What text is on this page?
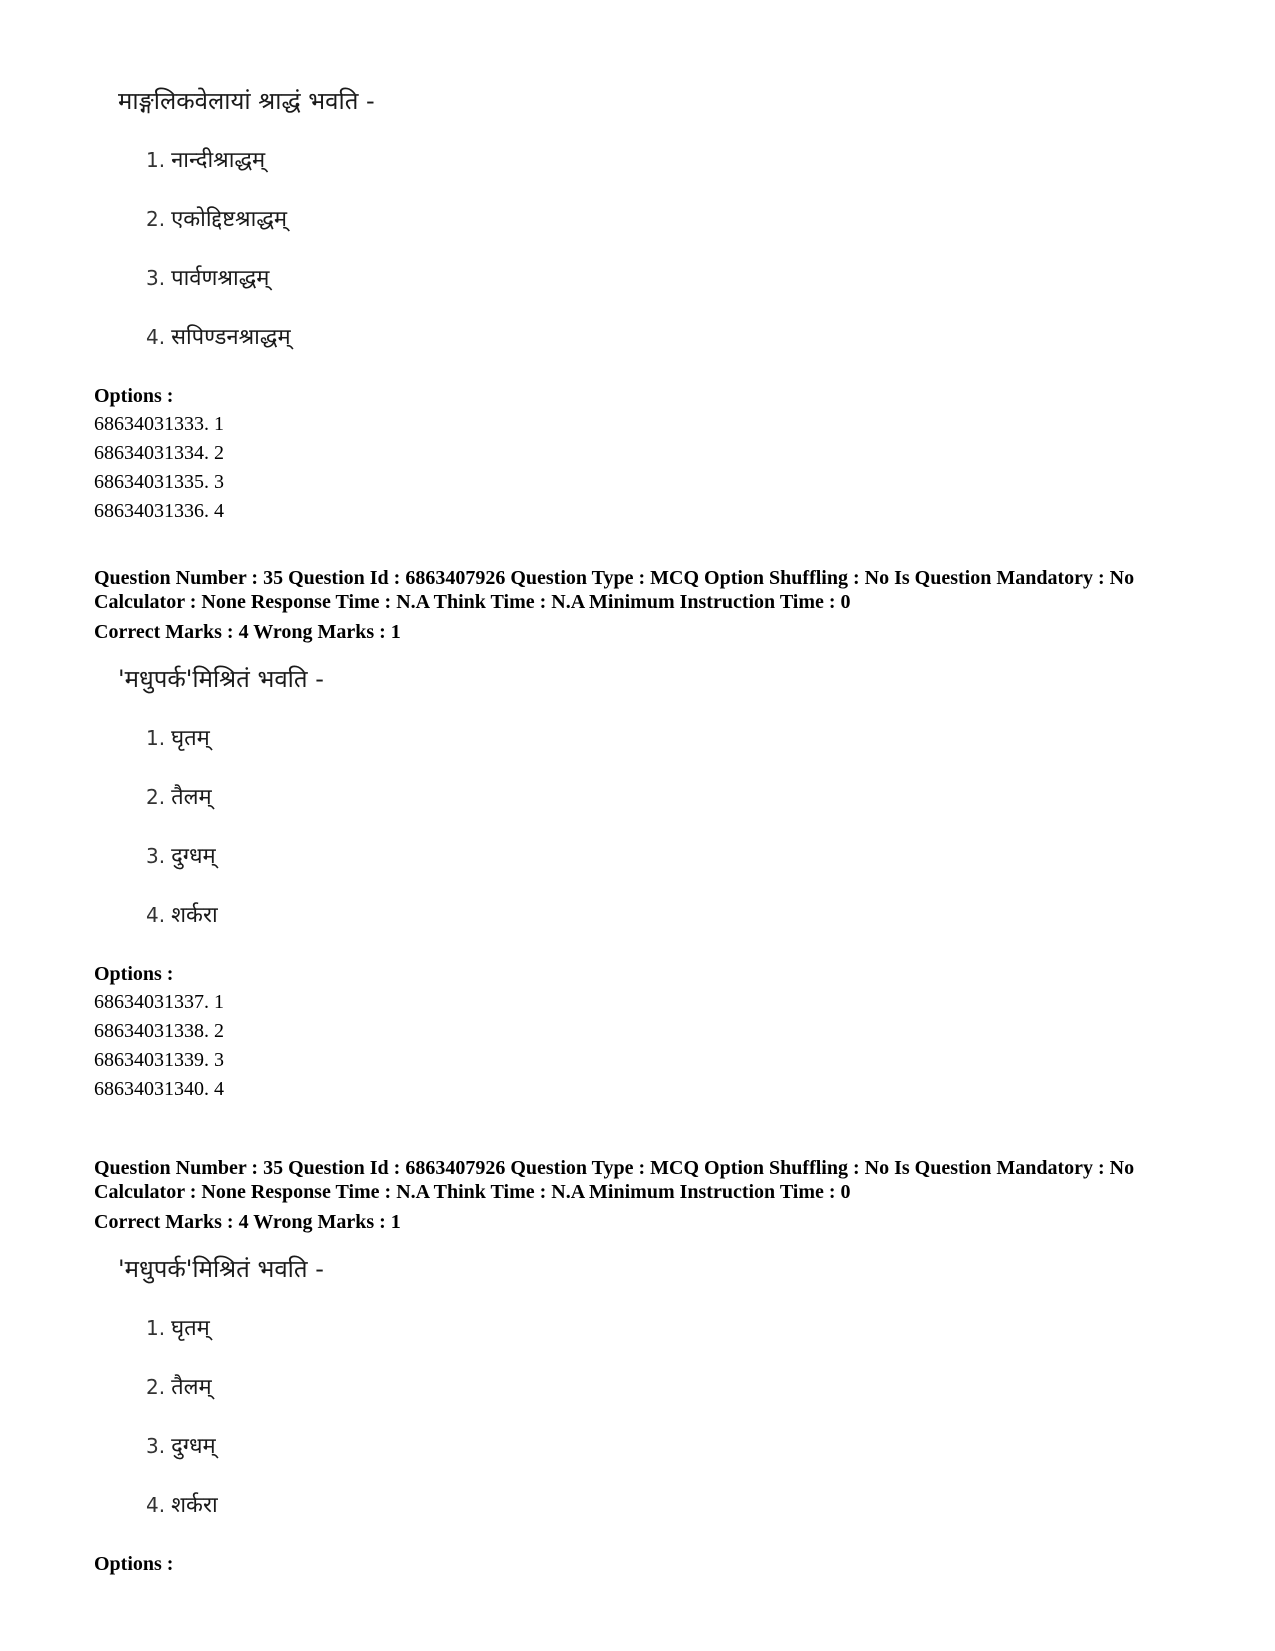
माङ्गलिकवेलायां श्राद्धं भवति -
1. नान्दीश्राद्धम्
2. एकोद्दिष्टश्राद्धम्
3. पार्वणश्राद्धम्
4. सपिण्डनश्राद्धम्
Options :
68634031333. 1
68634031334. 2
68634031335. 3
68634031336. 4
Question Number : 35 Question Id : 6863407926 Question Type : MCQ Option Shuffling : No Is Question Mandatory : No Calculator : None Response Time : N.A Think Time : N.A Minimum Instruction Time : 0
Correct Marks : 4 Wrong Marks : 1
'मधुपर्क'मिश्रितं भवति -
1. घृतम्
2. तैलम्
3. दुग्धम्
4. शर्करा
Options :
68634031337. 1
68634031338. 2
68634031339. 3
68634031340. 4
Question Number : 35 Question Id : 6863407926 Question Type : MCQ Option Shuffling : No Is Question Mandatory : No Calculator : None Response Time : N.A Think Time : N.A Minimum Instruction Time : 0
Correct Marks : 4 Wrong Marks : 1
'मधुपर्क'मिश्रितं भवति -
1. घृतम्
2. तैलम्
3. दुग्धम्
4. शर्करा
Options :
